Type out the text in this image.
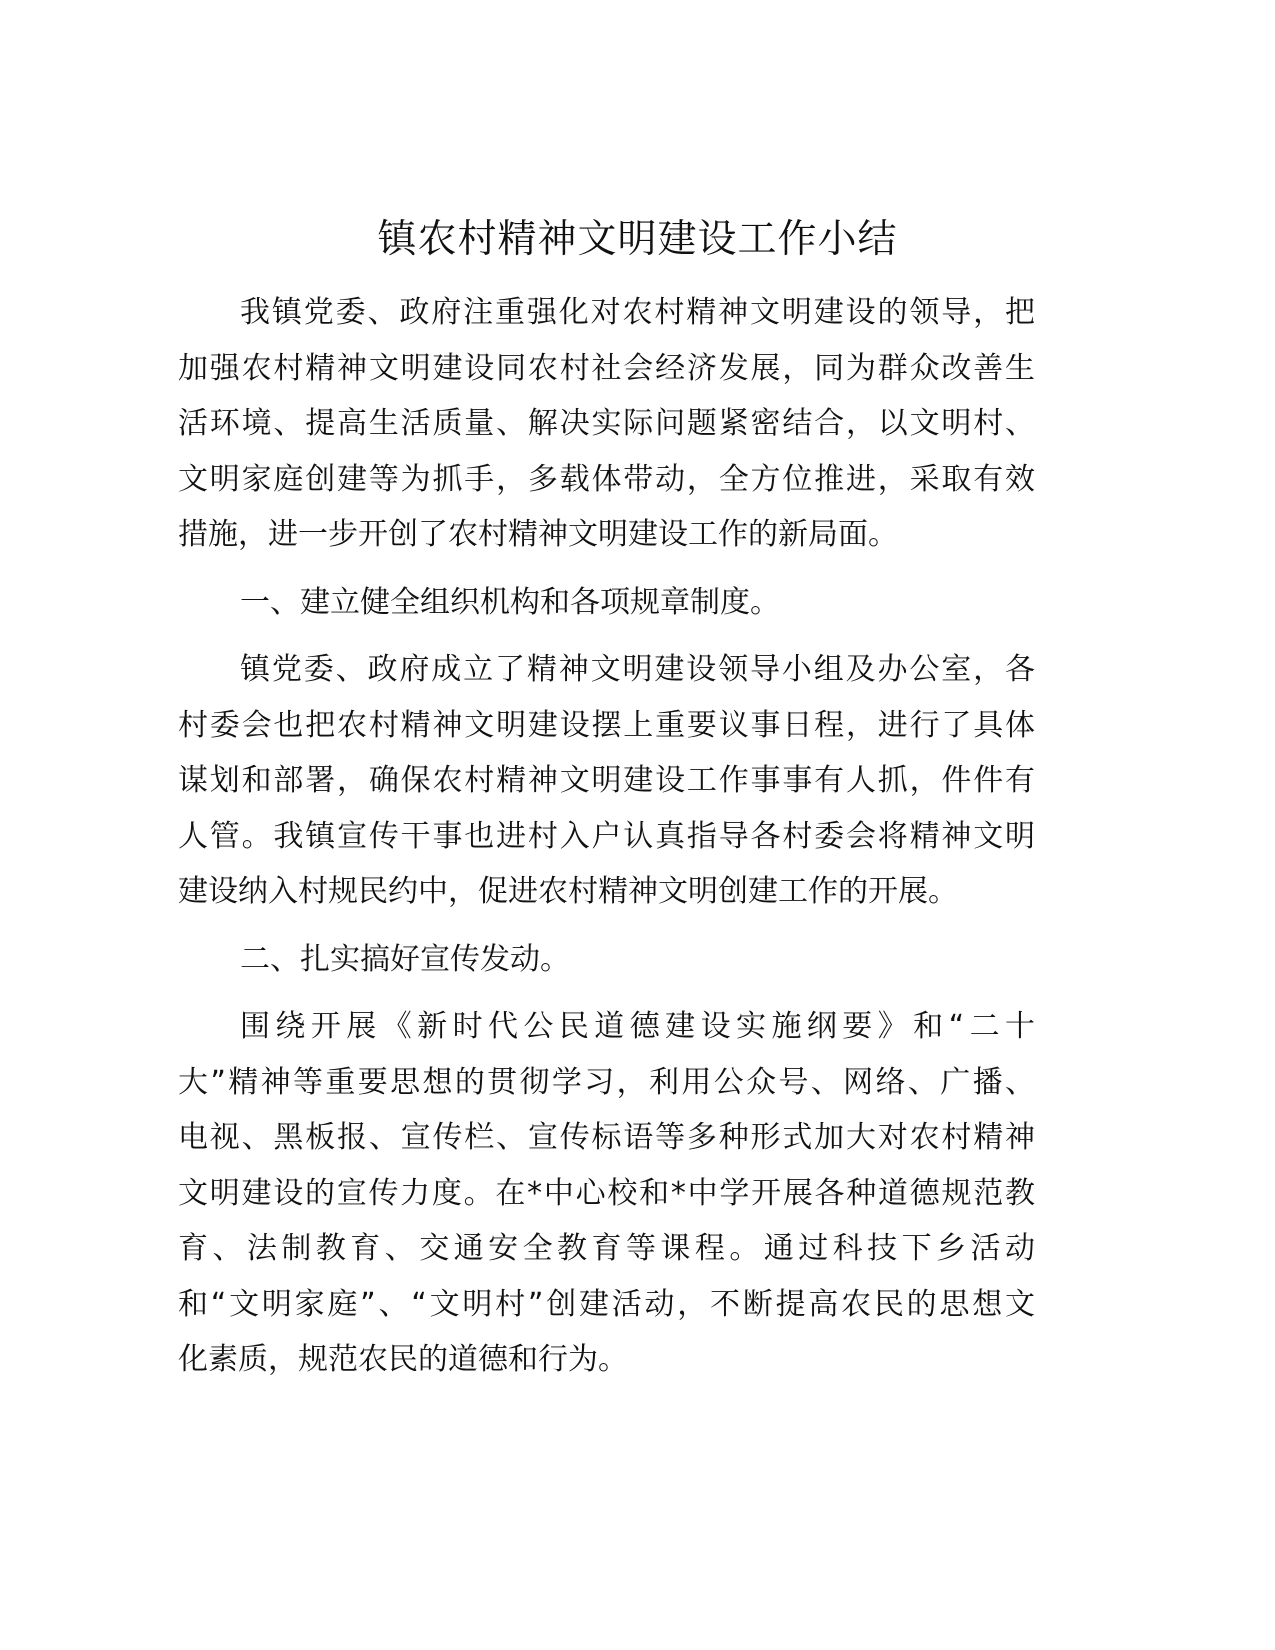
镇农村精神文明建设工作小结
我镇党委、政府注重强化对农村精神文明建设的领导，把
加强农村精神文明建设同农村社会经济发展，同为群众改善生
活环境、提高生活质量、解决实际问题紧密结合，以文明村、
文明家庭创建等为抓手，多载体带动，全方位推进，采取有效
措施，进一步开创了农村精神文明建设工作的新局面。
一、建立健全组织机构和各项规章制度。
镇党委、政府成立了精神文明建设领导小组及办公室，各
村委会也把农村精神文明建设摆上重要议事日程，进行了具体
谋划和部署，确保农村精神文明建设工作事事有人抓，件件有
人管。我镇宣传干事也进村入户认真指导各村委会将精神文明
建设纳入村规民约中，促进农村精神文明创建工作的开展。
二、扎实搞好宣传发动。
围绕开展《新时代公民道德建设实施纲要》和“二十
大”精神等重要思想的贯彻学习，利用公众号、网络、广播、
电视、黑板报、宣传栏、宣传标语等多种形式加大对农村精神
文明建设的宣传力度。在*中心校和*中学开展各种道德规范教
育、法制教育、交通安全教育等课程。通过科技下乡活动
和“文明家庭”、“文明村”创建活动，不断提高农民的思想文
化素质，规范农民的道德和行为。
